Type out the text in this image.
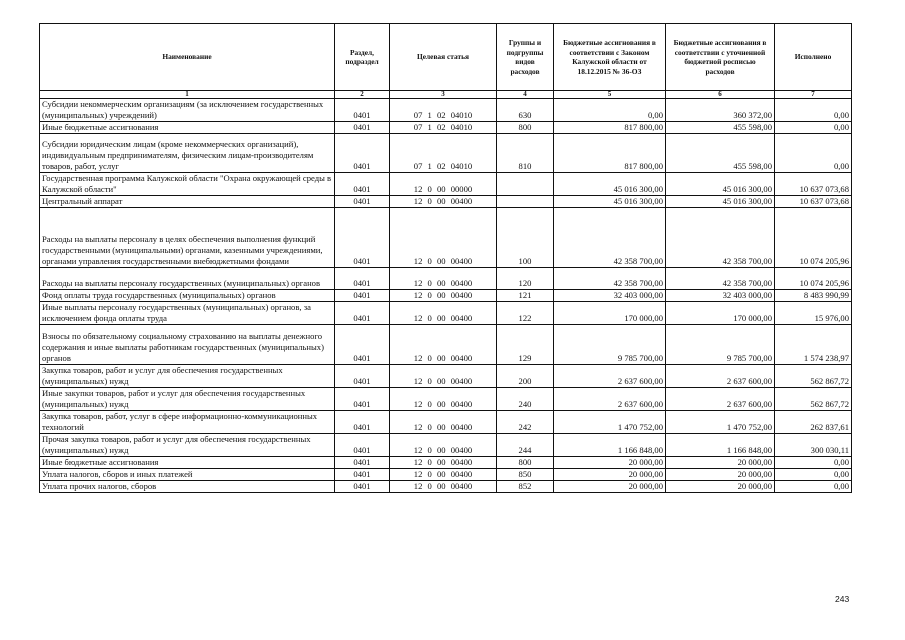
Наименование	Раздел, подраздел	Целевая статья	Группы и подгруппы видов расходов	Бюджетные ассигнования в соответствии с Законом Калужской области от 18.12.2015 № 36-ОЗ	Бюджетные ассигнования в соответствии с уточненной бюджетной росписью расходов	Исполнено
1	2	3	4	5	6	7
Субсидии некоммерческим организациям (за исключением государственных (муниципальных) учреждений)	0401	07 1 02 04010	630	0,00	360 372,00	0,00
Иные бюджетные ассигнования	0401	07 1 02 04010	800	817 800,00	455 598,00	0,00
Субсидии юридическим лицам (кроме некоммерческих организаций), индивидуальным предпринимателям, физическим лицам-производителям товаров, работ, услуг	0401	07 1 02 04010	810	817 800,00	455 598,00	0,00
Государственная программа Калужской области "Охрана окружающей среды в Калужской области"	0401	12 0 00 00000		45 016 300,00	45 016 300,00	10 637 073,68
Центральный аппарат	0401	12 0 00 00400		45 016 300,00	45 016 300,00	10 637 073,68
Расходы на выплаты персоналу в целях обеспечения выполнения функций государственными (муниципальными) органами, казенными учреждениями, органами управления государственными внебюджетными фондами	0401	12 0 00 00400	100	42 358 700,00	42 358 700,00	10 074 205,96
Расходы на выплаты персоналу государственных (муниципальных) органов	0401	12 0 00 00400	120	42 358 700,00	42 358 700,00	10 074 205,96
Фонд оплаты труда государственных (муниципальных) органов	0401	12 0 00 00400	121	32 403 000,00	32 403 000,00	8 483 990,99
Иные выплаты персоналу государственных (муниципальных) органов, за исключением фонда оплаты труда	0401	12 0 00 00400	122	170 000,00	170 000,00	15 976,00
Взносы по обязательному социальному страхованию на выплаты денежного содержания и иные выплаты работникам государственных (муниципальных) органов	0401	12 0 00 00400	129	9 785 700,00	9 785 700,00	1 574 238,97
Закупка товаров, работ и услуг для обеспечения государственных (муниципальных) нужд	0401	12 0 00 00400	200	2 637 600,00	2 637 600,00	562 867,72
Иные закупки товаров, работ и услуг для обеспечения государственных (муниципальных) нужд	0401	12 0 00 00400	240	2 637 600,00	2 637 600,00	562 867,72
Закупка товаров, работ, услуг в сфере информационно-коммуникационных технологий	0401	12 0 00 00400	242	1 470 752,00	1 470 752,00	262 837,61
Прочая закупка товаров, работ и услуг для обеспечения государственных (муниципальных) нужд	0401	12 0 00 00400	244	1 166 848,00	1 166 848,00	300 030,11
Иные бюджетные ассигнования	0401	12 0 00 00400	800	20 000,00	20 000,00	0,00
Уплата налогов, сборов и иных платежей	0401	12 0 00 00400	850	20 000,00	20 000,00	0,00
Уплата прочих налогов, сборов	0401	12 0 00 00400	852	20 000,00	20 000,00	0,00
243
